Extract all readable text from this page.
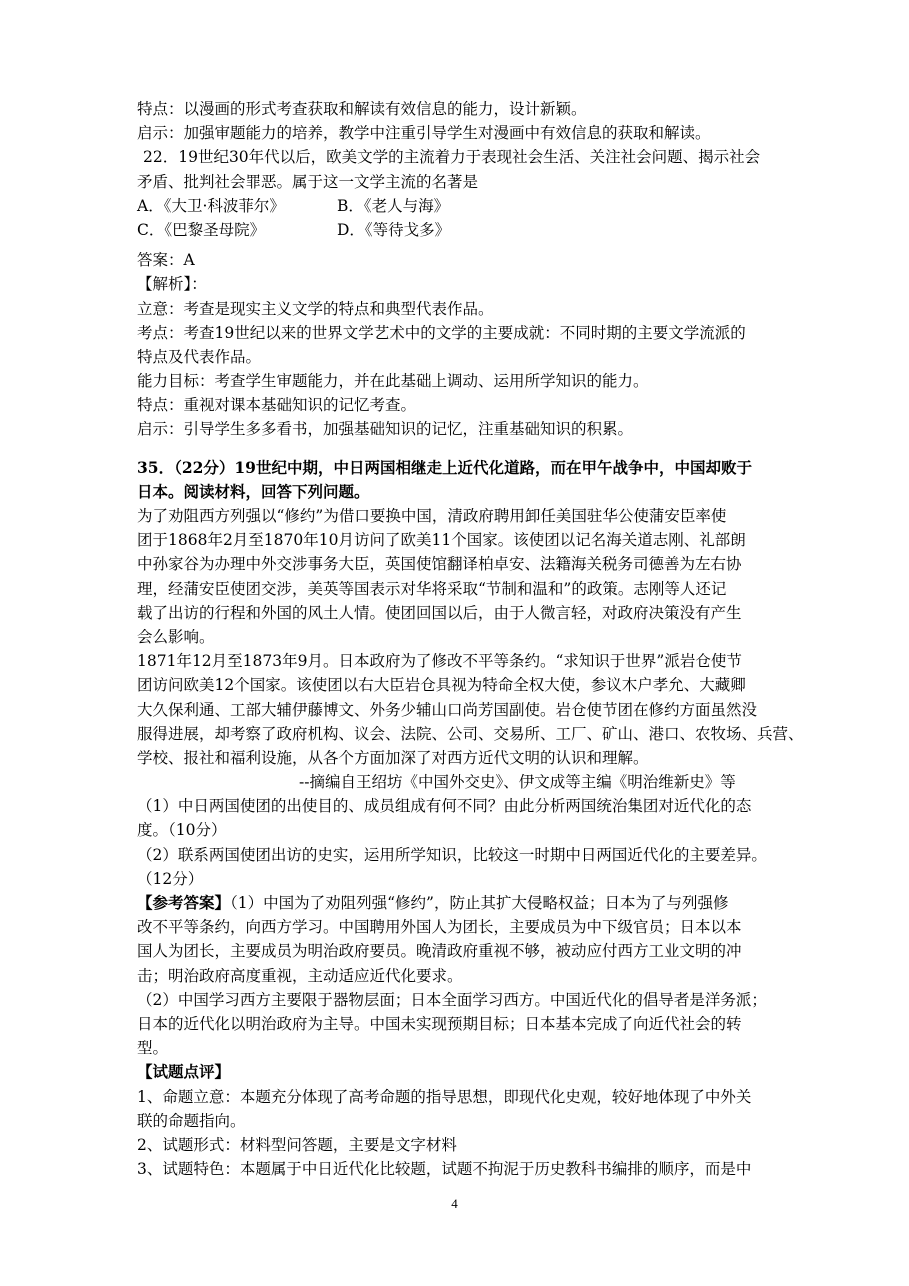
特点：以漫画的形式考查获取和解读有效信息的能力，设计新颖。
启示：加强审题能力的培养，教学中注重引导学生对漫画中有效信息的获取和解读。
22．19世纪30年代以后，欧美文学的主流着力于表现社会生活、关注社会问题、揭示社会
矛盾、批判社会罪恶。属于这一文学主流的名著是
A．《大卫·科波菲尔》	B．《老人与海》
C．《巴黎圣母院》	D．《等待戈多》
答案：A
【解析】：
立意：考查是现实主义文学的特点和典型代表作品。
考点：考查19世纪以来的世界文学艺术中的文学的主要成就：不同时期的主要文学流派的
特点及代表作品。
能力目标：考查学生审题能力，并在此基础上调动、运用所学知识的能力。
特点：重视对课本基础知识的记忆考查。
启示：引导学生多多看书，加强基础知识的记忆，注重基础知识的积累。
35．（22分）19世纪中期，中日两国相继走上近代化道路，而在甲午战争中，中国却败于
日本。阅读材料，回答下列问题。
为了劝阻西方列强以“修约”为借口要换中国，清政府聘用卸任美国驻华公使蒲安臣率使
团于1868年2月至1870年10月访问了欧美11个国家。该使团以记名海关道志刚、礼部朗
中孙家谷为办理中外交涉事务大臣，英国使馆翻译柏卓安、法籍海关税务司德善为左右协
理，经蒲安臣使团交涉，美英等国表示对华将采取“节制和温和”的政策。志刚等人还记
载了出访的行程和外国的风土人情。使团回国以后，由于人微言轻，对政府决策没有产生
会么影响。
1871年12月至1873年9月。日本政府为了修改不平等条约。“求知识于世界”派岩仓使节
团访问欧美12个国家。该使团以右大臣岩仓具视为特命全权大使，参议木户孝允、大藏卿
大久保利通、工部大辅伊藤博文、外务少辅山口尚芳国副使。岩仓使节团在修约方面虽然没
服得进展，却考察了政府机构、议会、法院、公司、交易所、工厂、矿山、港口、农牧场、兵营、
学校、报社和福利设施，从各个方面加深了对西方近代文明的认识和理解。
--摘编自王绍坊《中国外交史》、伊文成等主编《明治维新史》等
（1）中日两国使团的出使目的、成员组成有何不同？由此分析两国统治集团对近代化的态
度。（10分）
（2）联系两国使团出访的史实，运用所学知识，比较这一时期中日两国近代化的主要差异。
（12分）
【参考答案】（1）中国为了劝阻列强“修约”，防止其扩大侵略权益；日本为了与列强修
改不平等条约，向西方学习。中国聘用外国人为团长，主要成员为中下级官员；日本以本
国人为团长，主要成员为明治政府要员。晚清政府重视不够，被动应付西方工业文明的冲
击；明治政府高度重视，主动适应近代化要求。
（2）中国学习西方主要限于器物层面；日本全面学习西方。中国近代化的倡导者是洋务派；
日本的近代化以明治政府为主导。中国未实现预期目标；日本基本完成了向近代社会的转
型。
【试题点评】
1、命题立意：本题充分体现了高考命题的指导思想，即现代化史观，较好地体现了中外关
联的命题指向。
2、试题形式：材料型问答题，主要是文字材料
3、试题特色：本题属于中日近代化比较题，试题不拘泥于历史教科书编排的顺序，而是中
4
